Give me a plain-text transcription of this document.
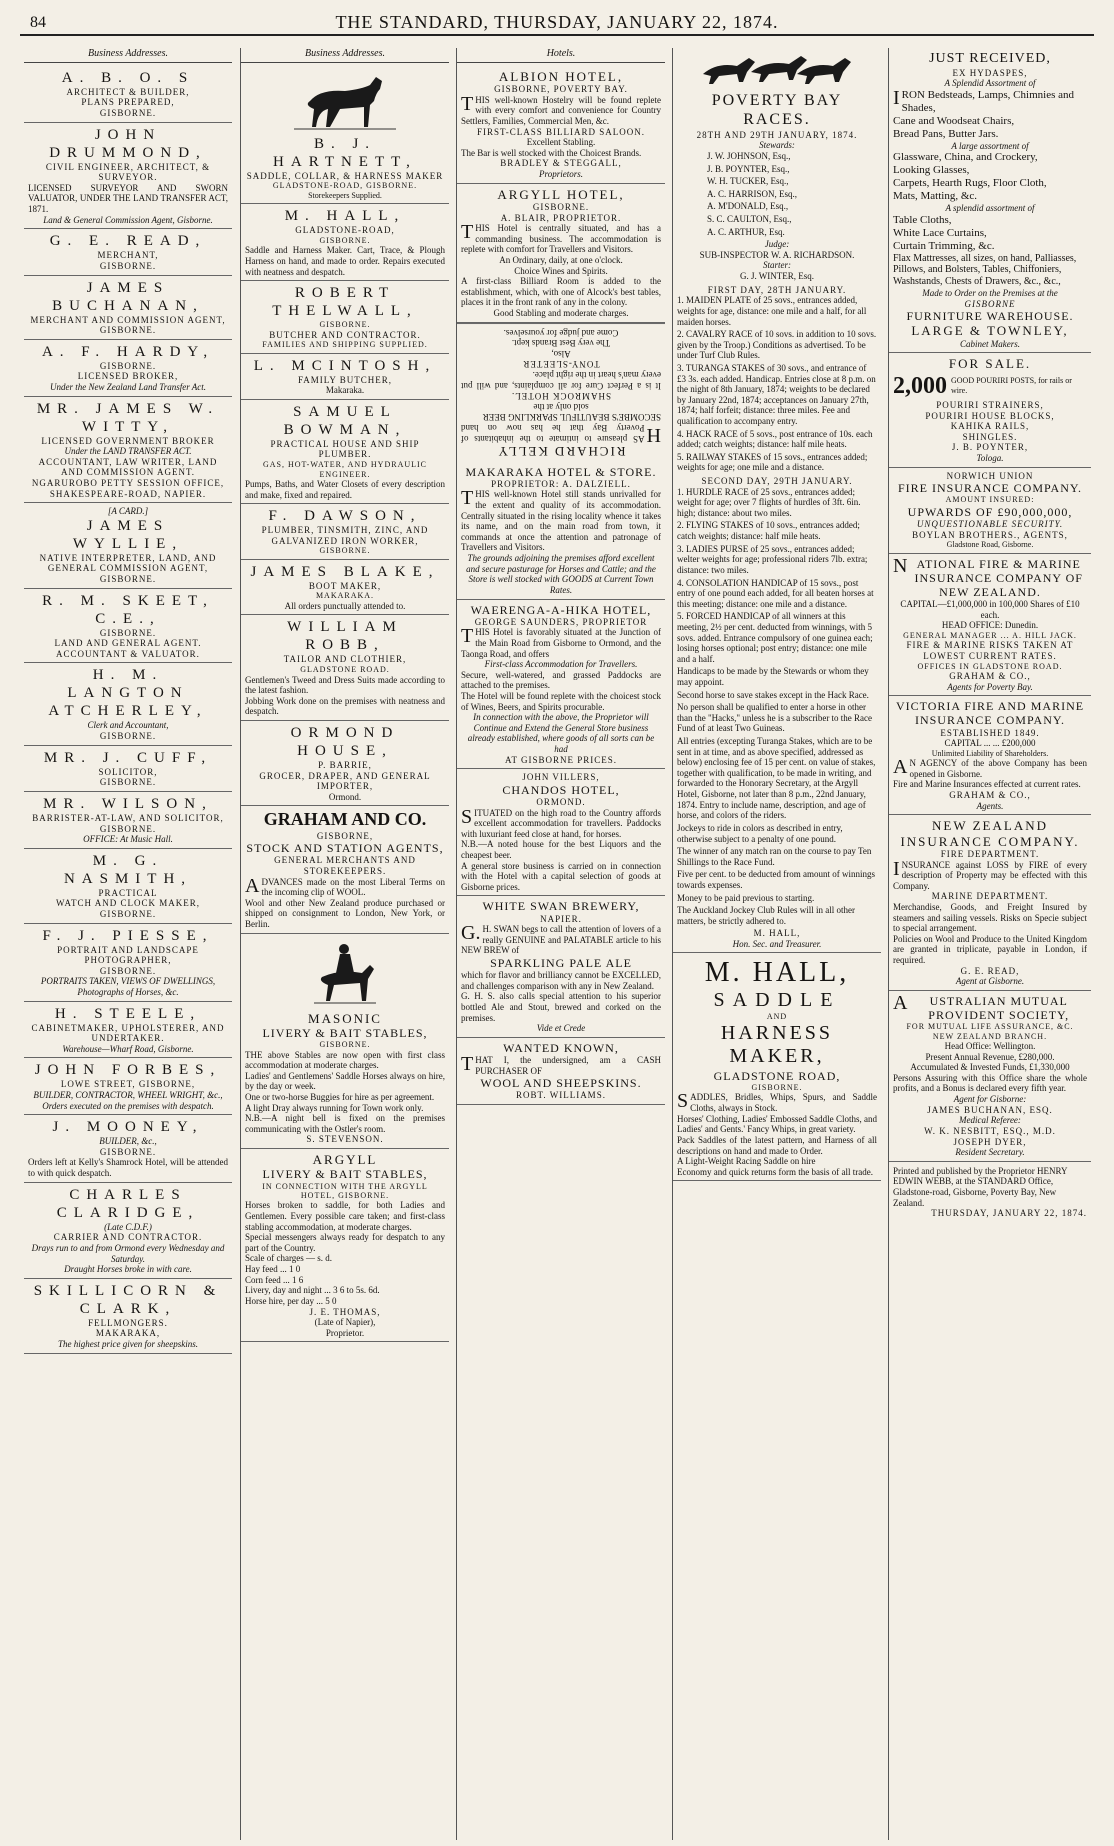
84	THE STANDARD, THURSDAY, JANUARY 22, 1874.
Business Addresses.
A. B. O. S
ARCHITECT & BUILDER,
PLANS PREPARED,
GISBORNE.
JOHN DRUMMOND,
CIVIL ENGINEER, ARCHITECT, & SURVEYOR.
LICENSED SURVEYOR AND SWORN VALUATOR, UNDER THE LAND TRANSFER ACT, 1871.
Land & General Commission Agent, Gisborne.
G. E. READ,
MERCHANT,
GISBORNE.
JAMES BUCHANAN,
MERCHANT AND COMMISSION AGENT,
GISBORNE.
A. F. HARDY,
GISBORNE.
LICENSED BROKER,
Under the New Zealand Land Transfer Act.
MR. JAMES W. WITTY,
LICENSED GOVERNMENT BROKER
Under the LAND TRANSFER ACT.
ACCOUNTANT, LAW WRITER, LAND AND COMMISSION AGENT.
NGARUROBO PETTY SESSION OFFICE, SHAKESPEARE-ROAD, NAPIER.
[A CARD.]
JAMES WYLLIE,
NATIVE INTERPRETER, LAND, AND GENERAL COMMISSION AGENT,
GISBORNE.
R. M. SKEET, C.E.,
GISBORNE.
LAND AND GENERAL AGENT.
ACCOUNTANT & VALUATOR.
H. M. LANGTON ATCHERLEY,
Clerk and Accountant,
GISBORNE.
MR. J. CUFF,
SOLICITOR,
GISBORNE.
MR. WILSON,
BARRISTER-AT-LAW, AND SOLICITOR,
GISBORNE.
OFFICE: At Music Hall.
M. G. NASMITH,
PRACTICAL
WATCH AND CLOCK MAKER,
GISBORNE.
F. J. PIESSE,
PORTRAIT AND LANDSCAPE
PHOTOGRAPHER,
GISBORNE.
PORTRAITS TAKEN, VIEWS OF DWELLINGS, Photographs of Horses, &c.
H. STEELE,
CABINETMAKER, UPHOLSTERER, AND UNDERTAKER.
Warehouse—Wharf Road, Gisborne.
JOHN FORBES,
LOWE STREET, GISBORNE,
BUILDER, CONTRACTOR, WHEEL WRIGHT, &c.,
Orders executed on the premises with despatch.
J. MOONEY,
BUILDER, &c.,
GISBORNE.
Orders left at Kelly's Shamrock Hotel, will be attended to with quick despatch.
CHARLES CLARIDGE,
(Late C.D.F.)
CARRIER AND CONTRACTOR.
Drays run to and from Ormond every Wednesday and Saturday.
Draught Horses broke in with care.
SKILLICORN & CLARK,
FELLMONGERS.
MAKARAKA,
The highest price given for sheepskins.
Business Addresses.
B. J. HARTNETT,
SADDLE, COLLAR, & HARNESS MAKER
GLADSTONE-ROAD, GISBORNE.
Storekeepers Supplied.
M. HALL,
GLADSTONE-ROAD,
GISBORNE.
Saddle and Harness Maker. Cart, Trace, & Plough Harness on hand, and made to order. Repairs executed with neatness and despatch.
ROBERT THELWALL,
GISBORNE.
BUTCHER AND CONTRACTOR.
FAMILIES AND SHIPPING SUPPLIED.
L. MCINTOSH,
FAMILY BUTCHER,
Makaraka.
SAMUEL BOWMAN,
PRACTICAL HOUSE AND SHIP PLUMBER.
GAS, HOT-WATER, AND HYDRAULIC ENGINEER.
Pumps, Baths, and Water Closets of every description and make, fixed and repaired.
F. DAWSON,
PLUMBER, TINSMITH, ZINC, AND GALVANIZED IRON WORKER,
GISBORNE.
JAMES BLAKE,
BOOT MAKER,
MAKARAKA.
All orders punctually attended to.
WILLIAM ROBB,
TAILOR AND CLOTHIER,
GLADSTONE ROAD.
Gentlemen's Tweed and Dress Suits made according to the latest fashion.
Jobbing Work done on the premises with neatness and despatch.
ORMOND HOUSE,
P. BARRIE,
GROCER, DRAPER, AND GENERAL IMPORTER,
Ormond.
GRAHAM AND CO.
GISBORNE,
STOCK AND STATION AGENTS,
GENERAL MERCHANTS AND STOREKEEPERS.
ADVANCES made on the most Liberal Terms on the incoming clip of WOOL.
Wool and other New Zealand produce purchased or shipped on consignment to London, New York, or Berlin.
MASONIC
LIVERY & BAIT STABLES,
GISBORNE.
THE above Stables are now open with first class accommodation at moderate charges.
Ladies' and Gentlemens' Saddle Horses always on hire, by the day or week.
One or two-horse Buggies for hire as per agreement.
A light Dray always running for Town work only.
N.B.—A night bell is fixed on the premises communicating with the Ostler's room.
S. STEVENSON.
ARGYLL
LIVERY & BAIT STABLES,
IN CONNECTION WITH THE ARGYLL HOTEL, GISBORNE.
Horses broken to saddle, for both Ladies and Gentlemen. Every possible care taken; and first-class stabling accommodation, at moderate charges.
Special messengers always ready for despatch to any part of the Country.
Scale of charges — s. d.
Hay feed ... 1 0
Corn feed ... 1 6
Livery, day and night ... 3 6 to 5s. 6d.
Horse hire, per day ... 5 0
J. E. THOMAS,
(Late of Napier),
Proprietor.
Hotels.
ALBION HOTEL,
GISBORNE, POVERTY BAY.
THIS well-known Hostelry will be found replete with every comfort and convenience for Country Settlers, Families, Commercial Men, &c.
FIRST-CLASS BILLIARD SALOON.
Excellent Stabling.
The Bar is well stocked with the Choicest Brands.
BRADLEY & STEGGALL,
Proprietors.
ARGYLL HOTEL,
GISBORNE.
A. BLAIR, PROPRIETOR.
THIS Hotel is centrally situated, and has a commanding business. The accommodation is replete with comfort for Travellers and Visitors.
An Ordinary, daily, at one o'clock.
Choice Wines and Spirits.
A first-class Billiard Room is added to the establishment, which, with one of Alcock's best tables, places it in the front rank of any in the colony.
Good Stabling and moderate charges.
RICHARD KELLY
HAS pleasure to intimate to the inhabitants of Poverty Bay that he has now on hand SECOMBE'S BEAUTIFUL SPARKLING BEER
sold only at the
SHAMROCK HOTEL.
It is a Perfect Cure for all complaints, and will put every man's heart in the right place.
TONY-SLEETER
Also,
The very Best Brands kept.
Come and judge for yourselves.
MAKARAKA HOTEL & STORE.
PROPRIETOR: A. DALZIELL.
THIS well-known Hotel still stands unrivalled for the extent and quality of its accommodation. Centrally situated in the rising locality whence it takes its name, and on the main road from town, it commands at once the attention and patronage of Travellers and Visitors.
The grounds adjoining the premises afford excellent and secure pasturage for Horses and Cattle; and the Store is well stocked with GOODS at Current Town Rates.
WAERENGA-A-HIKA HOTEL,
GEORGE SAUNDERS, PROPRIETOR
THIS Hotel is favorably situated at the Junction of the Main Road from Gisborne to Ormond, and the Taonga Road, and offers
First-class Accommodation for Travellers.
Secure, well-watered, and grassed Paddocks are attached to the premises.
The Hotel will be found replete with the choicest stock of Wines, Beers, and Spirits procurable.
In connection with the above, the Proprietor will Continue and Extend the General Store business already established, where goods of all sorts can be had
AT GISBORNE PRICES.
JOHN VILLERS,
CHANDOS HOTEL,
ORMOND.
SITUATED on the high road to the Country affords excellent accommodation for travellers. Paddocks with luxuriant feed close at hand, for horses.
N.B.—A noted house for the best Liquors and the cheapest beer.
A general store business is carried on in connection with the Hotel with a capital selection of goods at Gisborne prices.
WHITE SWAN BREWERY,
NAPIER.
G.H. SWAN begs to call the attention of lovers of a really GENUINE and PALATABLE article to his NEW BREW of
SPARKLING PALE ALE
which for flavor and brilliancy cannot be EXCELLED, and challenges comparison with any in New Zealand.
G. H. S. also calls special attention to his superior bottled Ale and Stout, brewed and corked on the premises.
Vide et Crede
WANTED KNOWN,
THAT I, the undersigned, am a CASH PURCHASER OF
WOOL AND SHEEPSKINS.
ROBT. WILLIAMS.
POVERTY BAY RACES.
28TH AND 29TH JANUARY, 1874.
Stewards:
J. W. JOHNSON, Esq.,
J. B. POYNTER, Esq.,
W. H. TUCKER, Esq.,
A. C. HARRISON, Esq.,
A. M'DONALD, Esq.,
S. C. CAULTON, Esq.,
A. C. ARTHUR, Esq.
Judge:
SUB-INSPECTOR W. A. RICHARDSON.
Starter:
G. J. WINTER, Esq.
FIRST DAY, 28TH JANUARY.
1. MAIDEN PLATE of 25 sovs., entrances added, weights for age, distance: one mile and a half, for all maiden horses.
2. CAVALRY RACE of 10 sovs. in addition to 10 sovs. given by the Troop.) Conditions as advertised. To be under Turf Club Rules.
3. TURANGA STAKES of 30 sovs., and entrance of £3 3s. each added. Handicap. Entries close at 8 p.m. on the night of 8th January, 1874; weights to be declared by January 22nd, 1874; acceptances on January 27th, 1874; half forfeit; distance: three miles. Fee and qualification to accompany entry.
4. HACK RACE of 5 sovs., post entrance of 10s. each added; catch weights; distance: half mile heats.
5. RAILWAY STAKES of 15 sovs., entrances added; weights for age; one mile and a distance.
SECOND DAY, 29TH JANUARY.
1. HURDLE RACE of 25 sovs., entrances added; weight for age; over 7 flights of hurdles of 3ft. 6in. high; distance: about two miles.
2. FLYING STAKES of 10 sovs., entrances added; catch weights; distance: half mile heats.
3. LADIES PURSE of 25 sovs., entrances added; welter weights for age; professional riders 7lb. extra; distance: two miles.
4. CONSOLATION HANDICAP of 15 sovs., post entry of one pound each added, for all beaten horses at this meeting; distance: one mile and a distance.
5. FORCED HANDICAP of all winners at this meeting, 2½ per cent. deducted from winnings, with 5 sovs. added. Entrance compulsory of one guinea each; losing horses optional; post entry; distance: one mile and a half.
Handicaps to be made by the Stewards or whom they may appoint.
Second horse to save stakes except in the Hack Race.
No person shall be qualified to enter a horse in other than the "Hacks," unless he is a subscriber to the Race Fund of at least Two Guineas.
All entries (excepting Turanga Stakes, which are to be sent in at time, and as above specified, addressed as below) enclosing fee of 15 per cent. on value of stakes, together with qualification, to be made in writing, and forwarded to the Honorary Secretary, at the Argyll Hotel, Gisborne, not later than 8 p.m., 22nd January, 1874. Entry to include name, description, and age of horse, and colors of the riders.
Jockeys to ride in colors as described in entry, otherwise subject to a penalty of one pound.
The winner of any match ran on the course to pay Ten Shillings to the Race Fund.
Five per cent. to be deducted from amount of winnings towards expenses.
Money to be paid previous to starting.
The Auckland Jockey Club Rules will in all other matters, be strictly adhered to.
M. HALL,
Hon. Sec. and Treasurer.
M. HALL,
SADDLE
AND
HARNESS MAKER,
GLADSTONE ROAD,
GISBORNE.
SADDLES, Bridles, Whips, Spurs, and Saddle Cloths, always in Stock.
Horses' Clothing, Ladies' Embossed Saddle Cloths, and Ladies' and Gents.' Fancy Whips, in great variety.
Pack Saddles of the latest pattern, and Harness of all descriptions on hand and made to Order.
A Light-Weight Racing Saddle on hire
Economy and quick returns form the basis of all trade.
JUST RECEIVED,
EX HYDASPES,
A Splendid Assortment of
IRON Bedsteads, Lamps, Chimnies and Shades,
Cane and Woodseat Chairs,
Bread Pans, Butter Jars.
A large assortment of
Glassware, China, and Crockery,
Looking Glasses,
Carpets, Hearth Rugs, Floor Cloth,
Mats, Matting, &c.
A splendid assortment of
Table Cloths,
White Lace Curtains,
Curtain Trimming, &c.
Flax Mattresses, all sizes, on hand, Palliasses, Pillows, and Bolsters, Tables, Chiffoniers, Washstands, Chests of Drawers, &c., &c.,
Made to Order on the Premises at the
GISBORNE
FURNITURE WAREHOUSE.
LARGE & TOWNLEY,
Cabinet Makers.
FOR SALE.
2,000 GOOD POURIRI POSTS, for rails or wire.
POURIRI STRAINERS,
POURIRI HOUSE BLOCKS,
KAHIKA RAILS,
SHINGLES.
J. B. POYNTER,
Tologa.
NORWICH UNION
FIRE INSURANCE COMPANY.
AMOUNT INSURED:
UPWARDS OF £90,000,000,
UNQUESTIONABLE SECURITY.
BOYLAN BROTHERS., AGENTS,
Gladstone Road, Gisborne.
NATIONAL FIRE & MARINE INSURANCE COMPANY OF NEW ZEALAND.
CAPITAL—£1,000,000 in 100,000 Shares of £10 each.
HEAD OFFICE: Dunedin.
GENERAL MANAGER ... A. HILL JACK.
FIRE & MARINE RISKS TAKEN AT LOWEST CURRENT RATES.
OFFICES IN GLADSTONE ROAD.
GRAHAM & CO.,
Agents for Poverty Bay.
VICTORIA FIRE AND MARINE INSURANCE COMPANY.
ESTABLISHED 1849.
CAPITAL ... ... £200,000
Unlimited Liability of Shareholders.
AN AGENCY of the above Company has been opened in Gisborne.
Fire and Marine Insurances effected at current rates.
GRAHAM & CO.,
Agents.
NEW ZEALAND
INSURANCE COMPANY.
FIRE DEPARTMENT.
INSURANCE against LOSS by FIRE of every description of Property may be effected with this Company.
MARINE DEPARTMENT.
Merchandise, Goods, and Freight Insured by steamers and sailing vessels. Risks on Specie subject to special arrangement.
Policies on Wool and Produce to the United Kingdom are granted in triplicate, payable in London, if required.
G. E. READ,
Agent at Gisborne.
AUSTRALIAN MUTUAL PROVIDENT SOCIETY,
FOR MUTUAL LIFE ASSURANCE, &C.
NEW ZEALAND BRANCH.
Head Office: Wellington.
Present Annual Revenue, £280,000.
Accumulated & Invested Funds, £1,330,000
Persons Assuring with this Office share the whole profits, and a Bonus is declared every fifth year.
Agent for Gisborne:
JAMES BUCHANAN, ESQ.
Medical Referee:
W. K. NESBITT, ESQ., M.D.
JOSEPH DYER,
Resident Secretary.
Printed and published by the Proprietor HENRY EDWIN WEBB, at the STANDARD Office, Gladstone-road, Gisborne, Poverty Bay, New Zealand.
THURSDAY, JANUARY 22, 1874.
